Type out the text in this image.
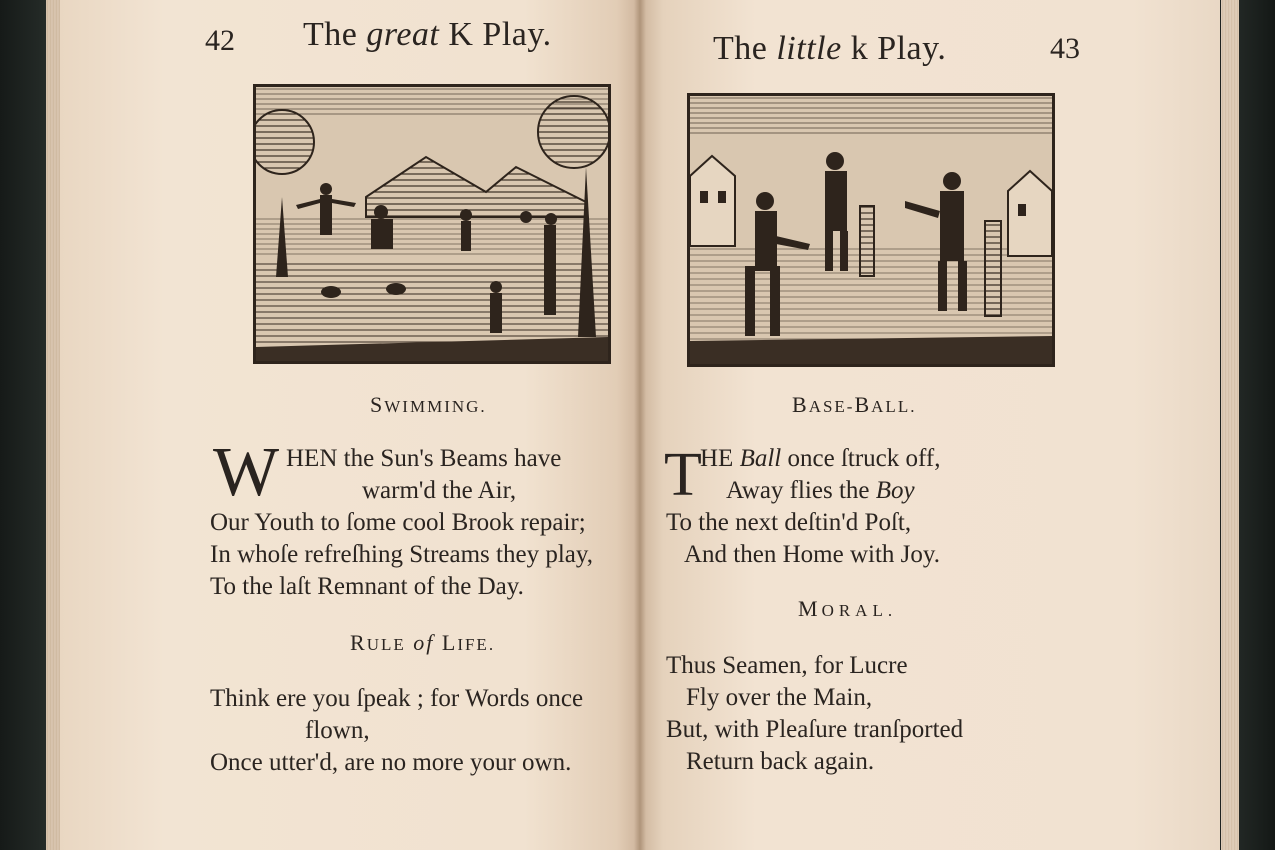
42 The great K Play.
SWIMMING.
W HEN the Sun's Beams have
warm'd the Air,
Our Youth to ſome cool Brook repair;
In whoſe refreſhing Streams they play,
To the laſt Remnant of the Day.
RULE of LIFE.
Think ere you ſpeak ; for Words once
flown,
Once utter'd, are no more your own.
The little k Play.	43
BASE-BALL.
T
HE Ball once ſtruck off,
Away flies the Boy
To the next deſtin'd Poſt,
And then Home with Joy.
MORAL.
Thus Seamen, for Lucre
Fly over the Main,
But, with Pleaſure tranſported
Return back again.
